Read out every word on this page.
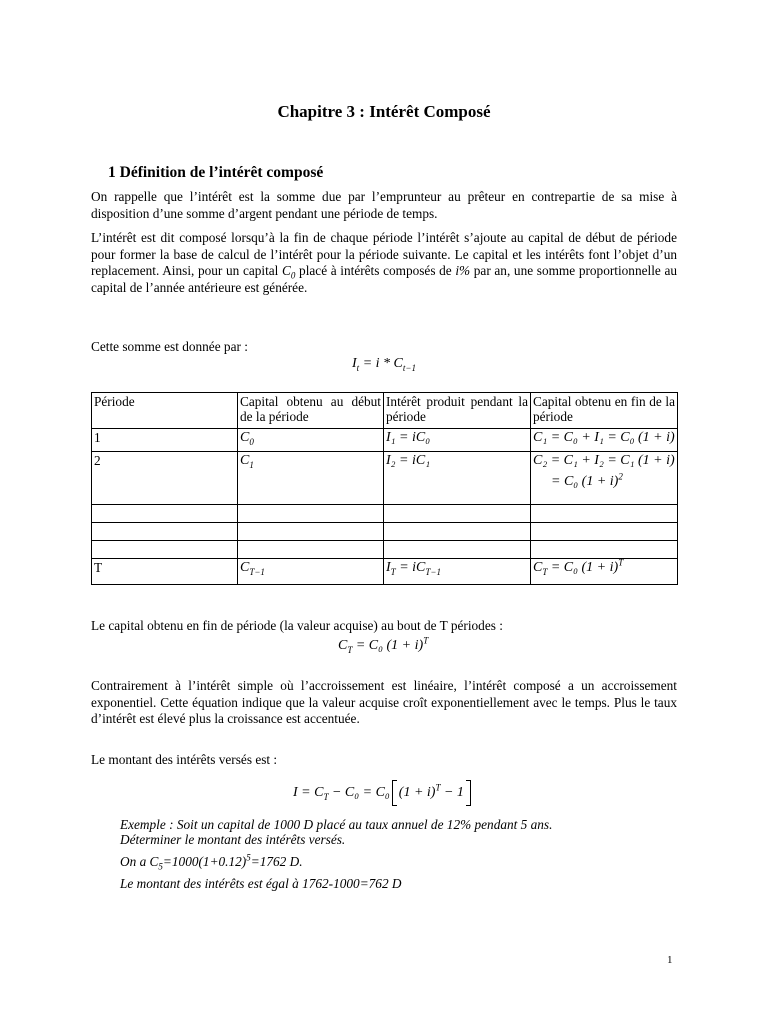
Chapitre 3 : Intérêt Composé
1 Définition de l’intérêt composé
On rappelle que l’intérêt est la somme due par l’emprunteur au prêteur en contrepartie de sa mise à disposition d’une somme d’argent pendant une période de temps.
L’intérêt est dit composé lorsqu’à la fin de chaque période l’intérêt s’ajoute au capital de début de période pour former la base de calcul de l’intérêt pour la période suivante. Le capital et les intérêts font l’objet d’un replacement. Ainsi, pour un capital $C_0$ placé à intérêts composés de i% par an, une somme proportionnelle au capital de l’année antérieure est générée.
Cette somme est donnée par :
$I_t = i * C_{t-1}$
Période	Capital obtenu au début de la période	Intérêt produit pendant la période	Capital obtenu en fin de la période
1	$C_0$	I₁ = iC₀	C₁ = C₀ + I₁ = C₀ (1 + i)
2	$C_1$	I₂ = iC₁	C₂ = C₁ + I₂ = C₁ (1 + i)
= C₀ $(1 + i)^2$

T	$C_{T-1}$	$I_T = iC_{T-1}$	$C_T = C_0$ $(1 + i)^T$
Le capital obtenu en fin de période (la valeur acquise) au bout de T périodes :
$C_T = C_0$ $(1 + i)^T$
Contrairement à l’intérêt simple où l’accroissement est linéaire, l’intérêt composé a un accroissement exponentiel. Cette équation indique que la valeur acquise croît exponentiellement avec le temps. Plus le taux d’intérêt est élevé plus la croissance est accentuée.
Le montant des intérêts versés est :
$I = C_T - C_0 = C_0$ $(1 + i)^T - 1$
Exemple : Soit un capital de 1000 D placé au taux annuel de 12% pendant 5 ans.
Déterminer le montant des intérêts versés.
On a $C_5=1000(1+0.12)^5=1762$ D.
Le montant des intérêts est égal à 1762-1000=762 D
1
